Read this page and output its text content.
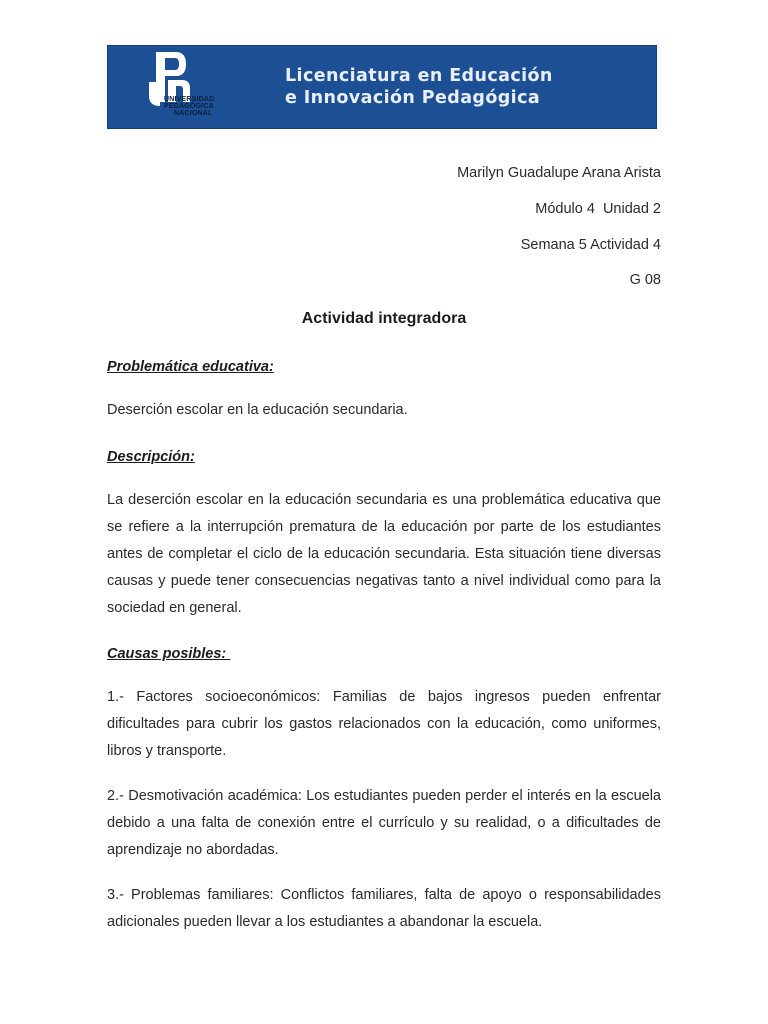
UNIVERSIDAD
PEDAGÓGICA
NACIONAL
Licenciatura en Educación
e Innovación Pedagógica
Marilyn Guadalupe Arana Arista
Módulo 4  Unidad 2
Semana 5 Actividad 4
G 08
Actividad integradora
Problemática educativa:
Deserción escolar en la educación secundaria.
Descripción:
La deserción escolar en la educación secundaria es una problemática educativa que se refiere a la interrupción prematura de la educación por parte de los estudiantes antes de completar el ciclo de la educación secundaria. Esta situación tiene diversas causas y puede tener consecuencias negativas tanto a nivel individual como para la sociedad en general.
Causas posibles:
1.- Factores socioeconómicos: Familias de bajos ingresos pueden enfrentar dificultades para cubrir los gastos relacionados con la educación, como uniformes, libros y transporte.
2.- Desmotivación académica: Los estudiantes pueden perder el interés en la escuela debido a una falta de conexión entre el currículo y su realidad, o a dificultades de aprendizaje no abordadas.
3.- Problemas familiares: Conflictos familiares, falta de apoyo o responsabilidades adicionales pueden llevar a los estudiantes a abandonar la escuela.
